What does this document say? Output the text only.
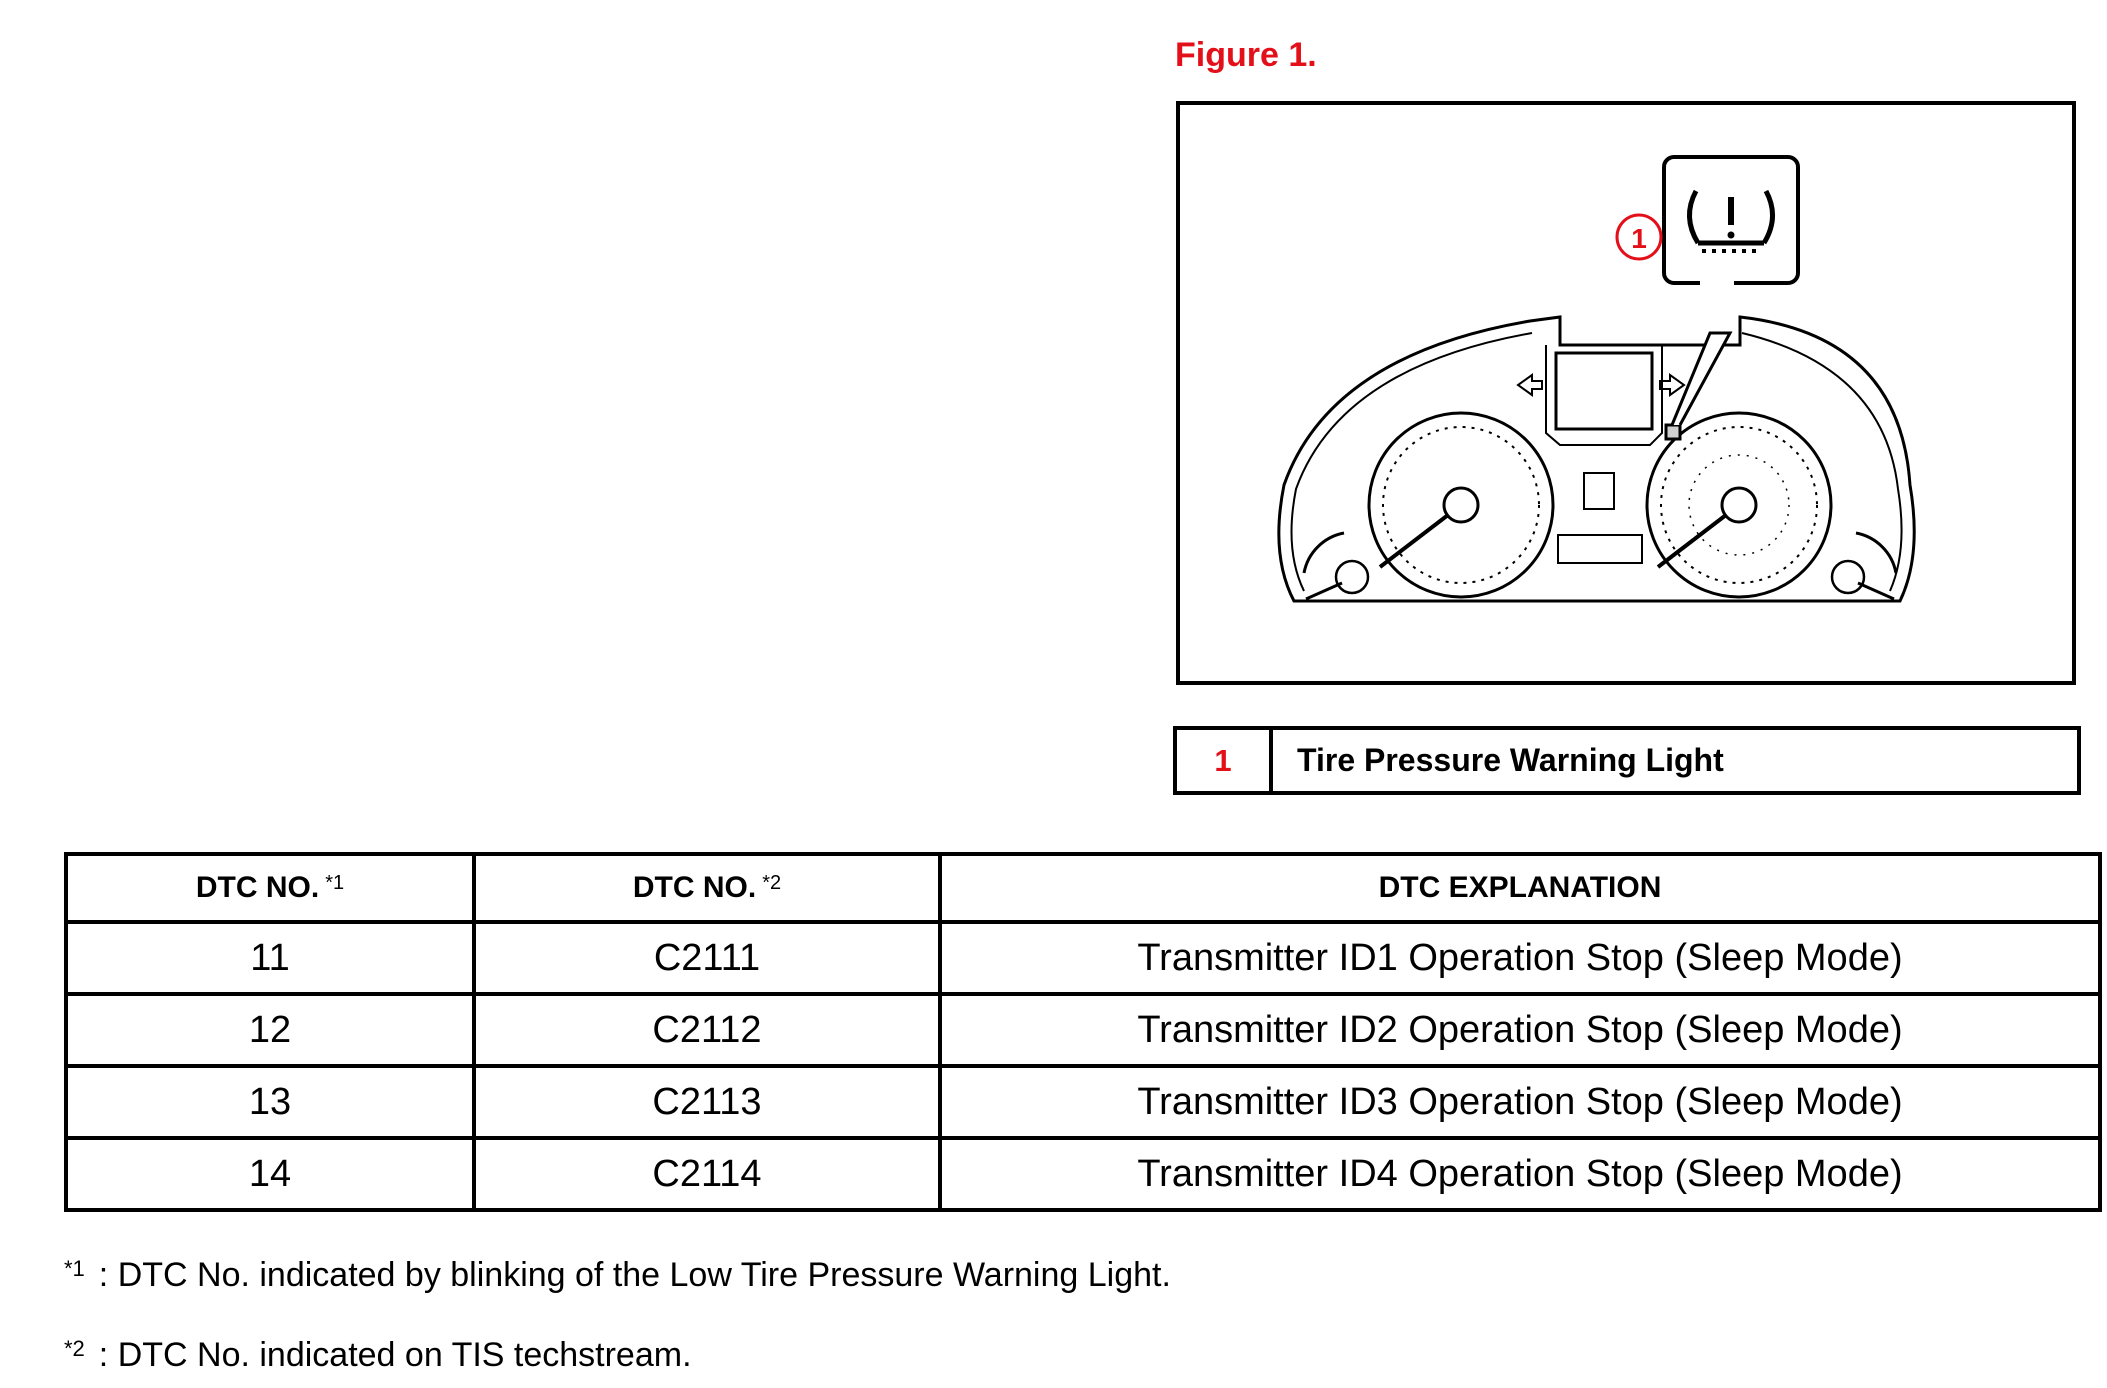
Figure 1.
1
1	Tire Pressure Warning Light
DTC NO. $^{*1}$	DTC NO. $^{*2}$	DTC EXPLANATION
11	C2111	Transmitter ID1 Operation Stop (Sleep Mode)
12	C2112	Transmitter ID2 Operation Stop (Sleep Mode)
13	C2113	Transmitter ID3 Operation Stop (Sleep Mode)
14	C2114	Transmitter ID4 Operation Stop (Sleep Mode)
$^{*1}$ : DTC No. indicated by blinking of the Low Tire Pressure Warning Light.
$^{*2}$ : DTC No. indicated on TIS techstream.
